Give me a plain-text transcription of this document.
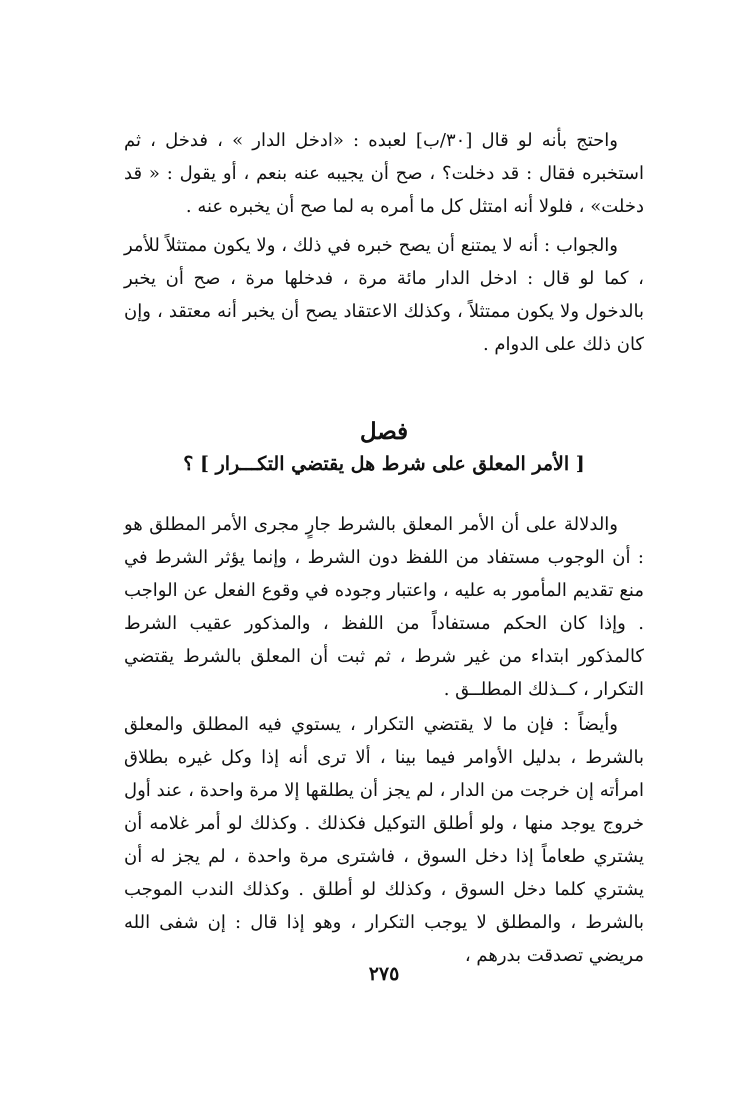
واحتج بأنه لو قال [٣٠/ب] لعبده : «ادخل الدار » ، فدخل ، ثم استخبره فقال : قد دخلت؟ ، صح أن يجيبه عنه بنعم ، أو يقول : « قد دخلت» ، فلولا أنه امتثل كل ما أمره به لما صح أن يخبره عنه .

والجواب : أنه لا يمتنع أن يصح خبره في ذلك ، ولا يكون ممتثلاً للأمر ، كما لو قال : ادخل الدار مائة مرة ، فدخلها مرة ، صح أن يخبر بالدخول ولا يكون ممتثلاً ، وكذلك الاعتقاد يصح أن يخبر أنه معتقد ، وإن كان ذلك على الدوام .

فصل
[ الأمر المعلق على شرط هل يقتضي التكـــرار ] ؟

والدلالة على أن الأمر المعلق بالشرط جارٍ مجرى الأمر المطلق هو : أن الوجوب مستفاد من اللفظ دون الشرط ، وإنما يؤثر الشرط في منع تقديم المأمور به عليه ، واعتبار وجوده في وقوع الفعل عن الواجب . وإذا كان الحكم مستفاداً من اللفظ ، والمذكور عقيب الشرط كالمذكور ابتداء من غير شرط ، ثم ثبت أن المعلق بالشرط يقتضي التكرار ، كــذلك المطلــق .

وأيضاً : فإن ما لا يقتضي التكرار ، يستوي فيه المطلق والمعلق بالشرط ، بدليل الأوامر فيما بينا ، ألا ترى أنه إذا وكل غيره بطلاق امرأته إن خرجت من الدار ، لم يجز أن يطلقها إلا مرة واحدة ، عند أول خروج يوجد منها ، ولو أطلق التوكيل فكذلك . وكذلك لو أمر غلامه أن يشتري طعاماً إذا دخل السوق ، فاشترى مرة واحدة ، لم يجز له أن يشتري كلما دخل السوق ، وكذلك لو أطلق . وكذلك الندب الموجب بالشرط ، والمطلق لا يوجب التكرار ، وهو إذا قال : إن شفى الله مريضي تصدقت بدرهم ،

٢٧٥
